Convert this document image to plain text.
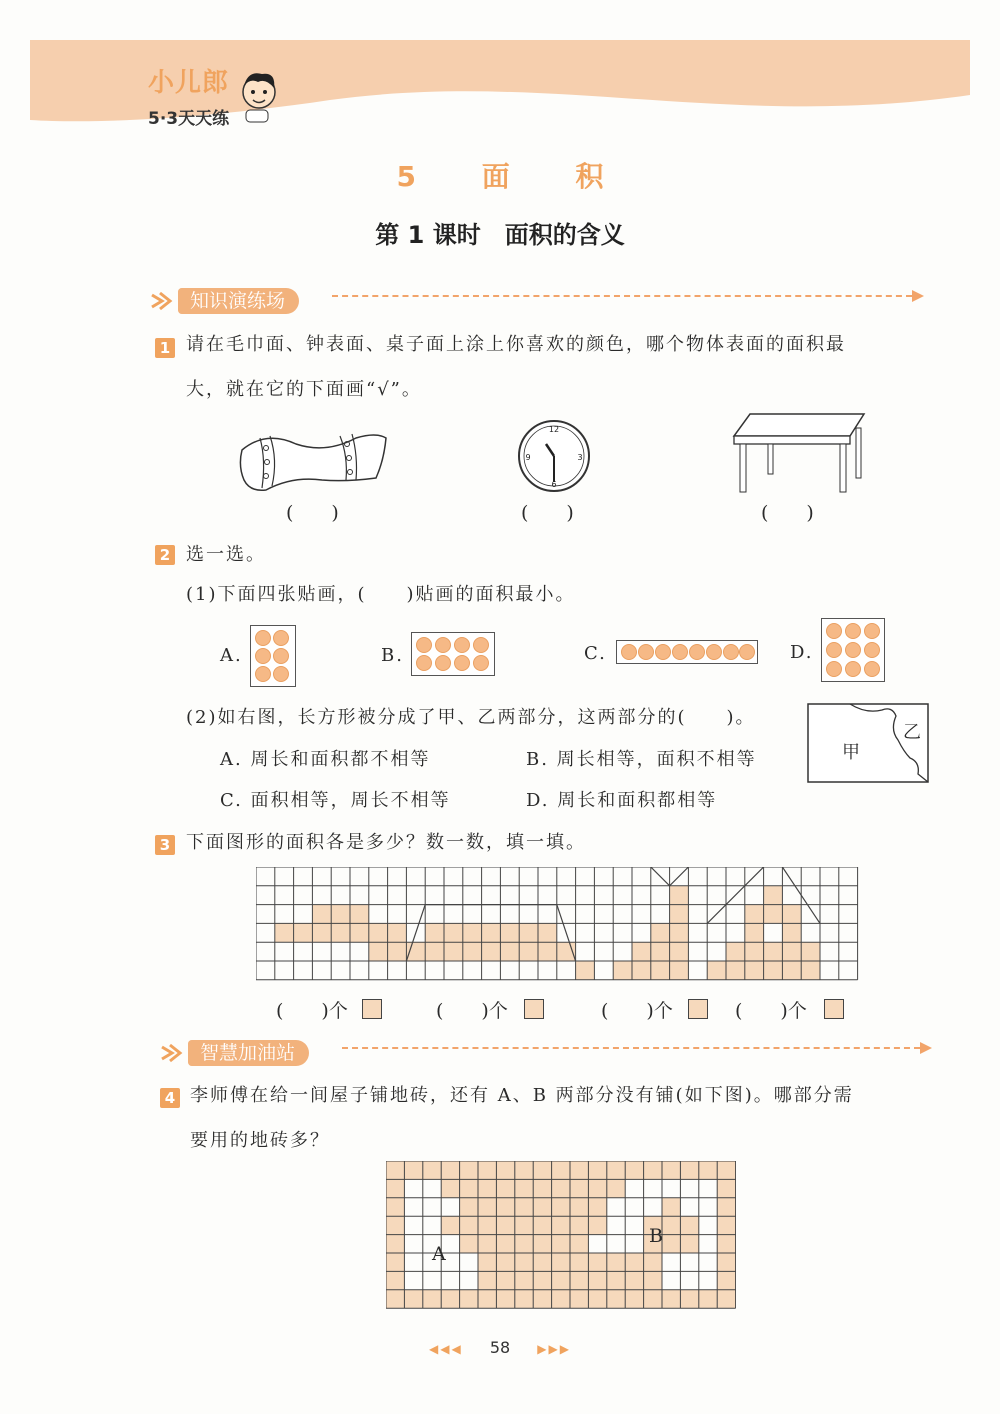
小儿郎
5·3天天练
5 面 积
第 1 课时　面积的含义
知识演练场
1 请在毛巾面、钟表面、桌子面上涂上你喜欢的颜色，哪个物体表面的面积最
大，就在它的下面画“√”。
12
3
6
9
(　　)	(　　)	(　　)
2 选一选。
(1)下面四张贴画，(　　)贴画的面积最小。
A.	B.	C.	D.
(2)如右图，长方形被分成了甲、乙两部分，这两部分的(　　)。
A. 周长和面积都不相等	B. 周长相等，面积不相等
C. 面积相等，周长不相等	D. 周长和面积都相等
甲
乙
3 下面图形的面积各是多少？数一数，填一填。
(　　)个	(　　)个	(　　)个	(　　)个
智慧加油站
4 李师傅在给一间屋子铺地砖，还有 A、B 两部分没有铺(如下图)。哪部分需
要用的地砖多？
A
B
◀◀◀ 58 ▶▶▶
